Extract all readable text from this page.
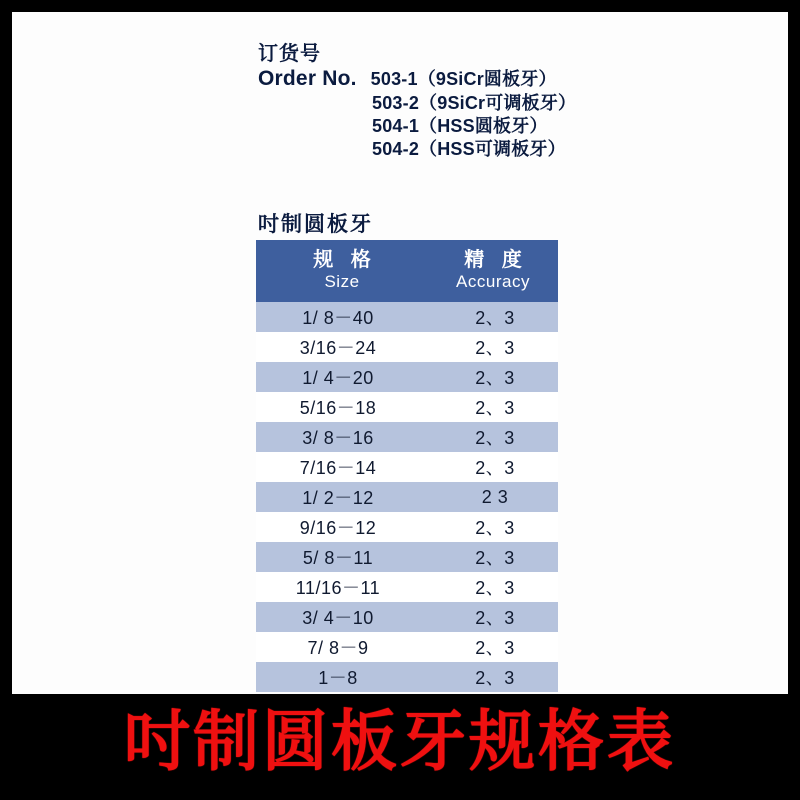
订货号
Order No. 503-1（9SiCr圆板牙）
503-2（9SiCr可调板牙）
504-1（HSS圆板牙）
504-2（HSS可调板牙）
吋制圆板牙
规 格
Size

精 度
Accuracy

1/ 8－40	2、3
3/16－24	2、3
1/ 4－20	2、3
5/16－18	2、3
3/ 8－16	2、3
7/16－14	2、3
1/ 2－12	2 3
9/16－12	2、3
5/ 8－11	2、3
11/16－11	2、3
3/ 4－10	2、3
7/ 8－9	2、3
1－8	2、3
吋制圆板牙规格表
